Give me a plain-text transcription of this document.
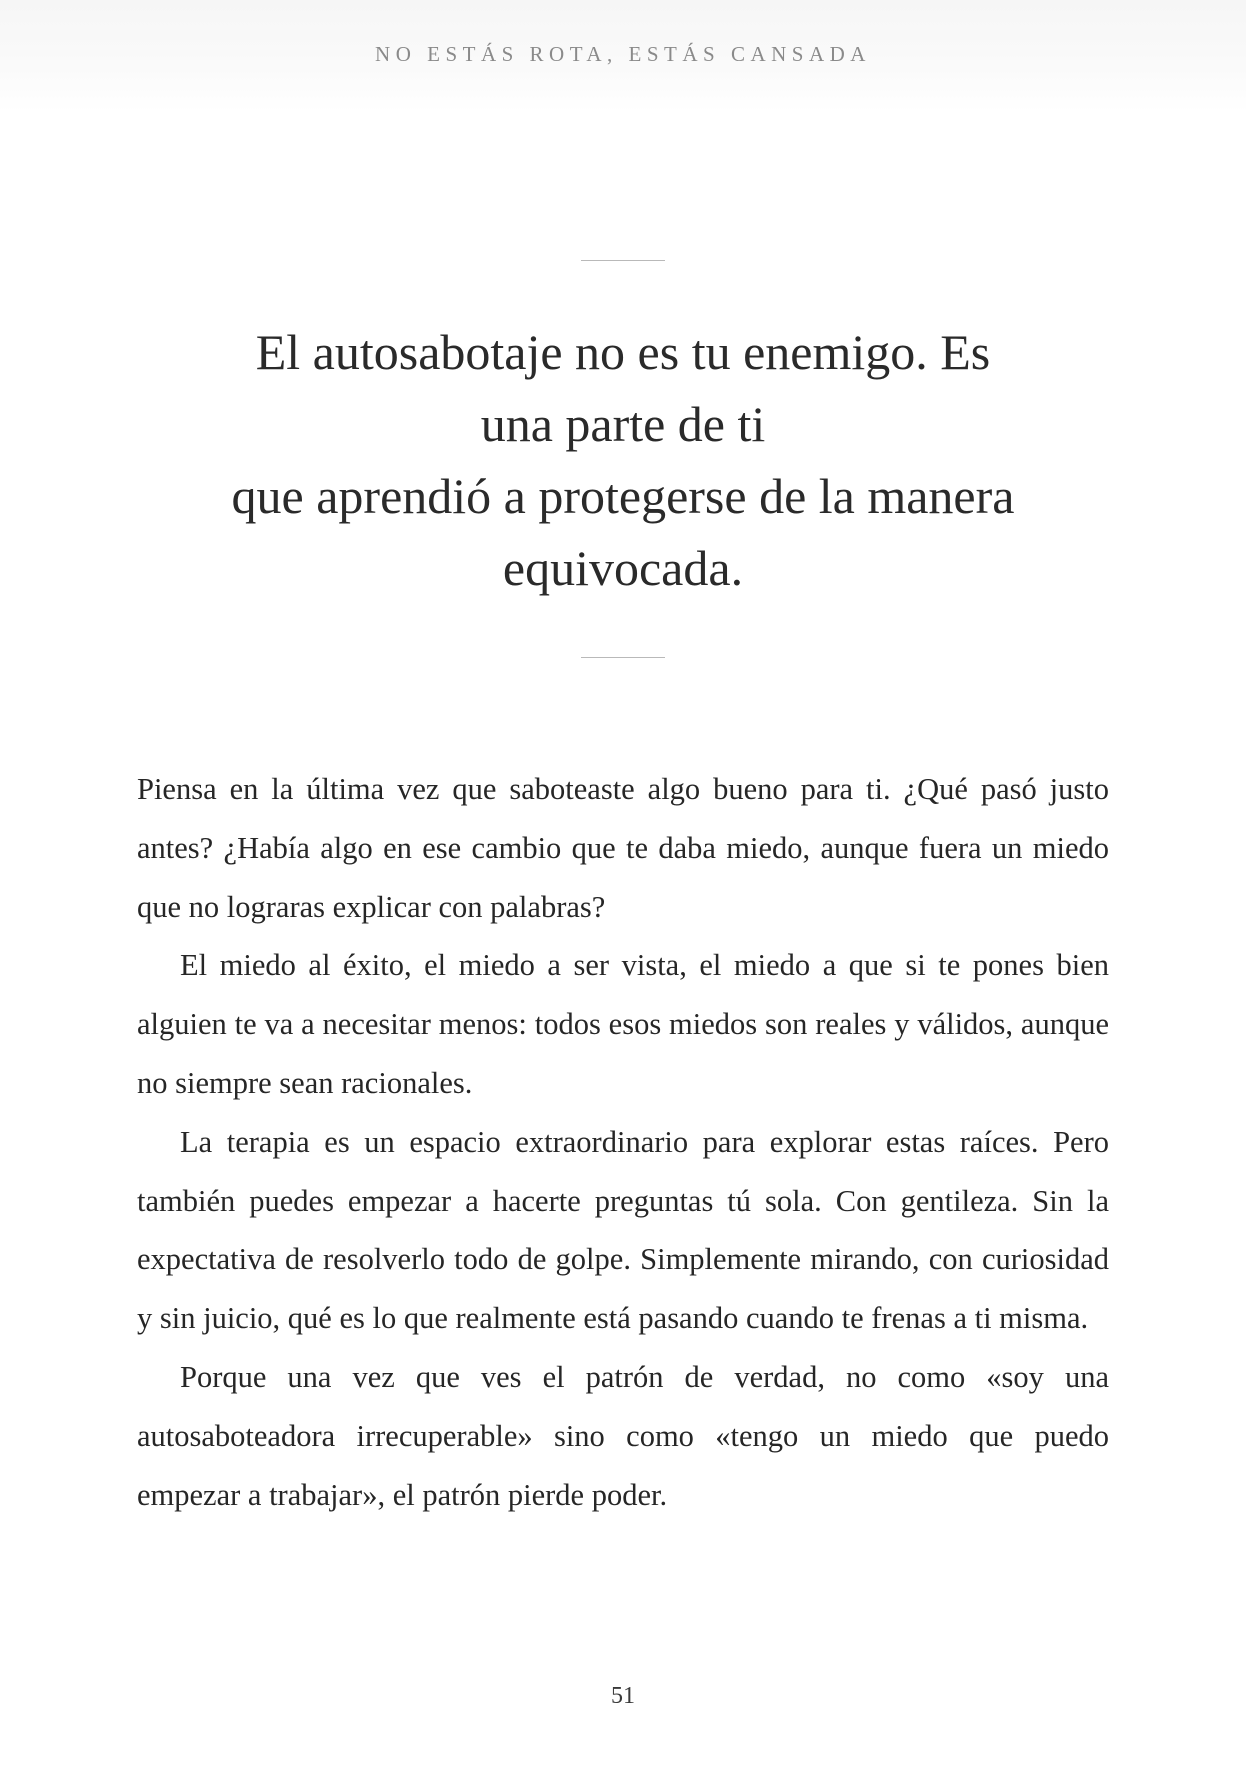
NO ESTÁS ROTA, ESTÁS CANSADA
El autosabotaje no es tu enemigo. Es
una parte de ti
que aprendió a protegerse de la manera
equivocada.

Piensa en la última vez que saboteaste algo bueno para ti. ¿Qué pasó justo antes? ¿Había algo en ese cambio que te daba miedo, aunque fuera un miedo que no lograras explicar con palabras?

El miedo al éxito, el miedo a ser vista, el miedo a que si te pones bien alguien te va a necesitar menos: todos esos miedos son reales y válidos, aunque no siempre sean racionales.

La terapia es un espacio extraordinario para explorar estas raíces. Pero también puedes empezar a hacerte preguntas tú sola. Con gentileza. Sin la expectativa de resolverlo todo de golpe. Simplemente mirando, con curiosidad y sin juicio, qué es lo que realmente está pasando cuando te frenas a ti misma.

Porque una vez que ves el patrón de verdad, no como «soy una autosaboteadora irrecuperable» sino como «tengo un miedo que puedo empezar a trabajar», el patrón pierde poder.

51
